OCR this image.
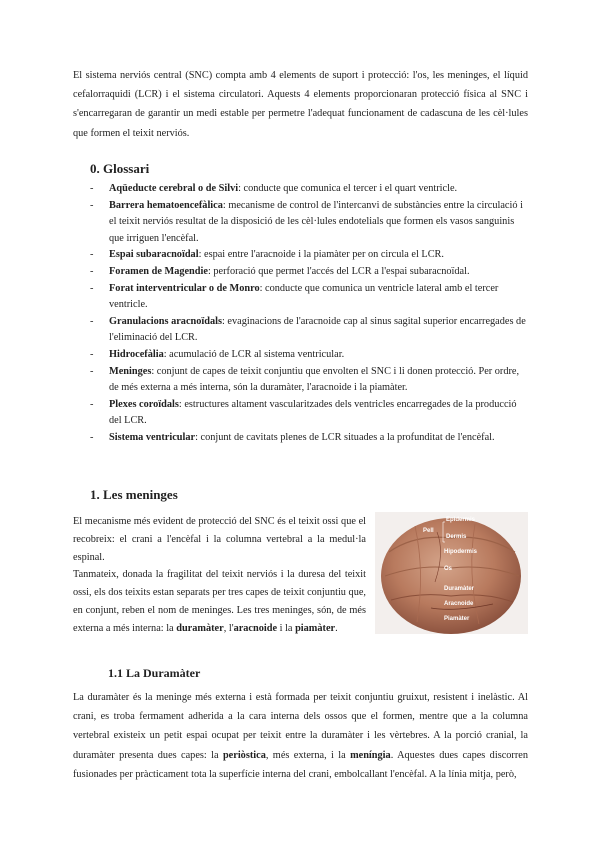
El sistema nerviós central (SNC) compta amb 4 elements de suport i protecció: l'os, les meninges, el líquid cefalorraquidi (LCR) i el sistema circulatori. Aquests 4 elements proporcionaran protecció física al SNC i s'encarregaran de garantir un medi estable per permetre l'adequat funcionament de cadascuna de les cèl·lules que formen el teixit nerviós.

0. Glossari
- Aqüeducte cerebral o de Silvi: conducte que comunica el tercer i el quart ventricle.
- Barrera hematoencefàlica: mecanisme de control de l'intercanvi de substàncies entre la circulació i el teixit nerviós resultat de la disposició de les cèl·lules endotelials que formen els vasos sanguinis que irriguen l'encèfal.
- Espai subaracnoïdal: espai entre l'aracnoide i la piamàter per on circula el LCR.
- Foramen de Magendie: perforació que permet l'accés del LCR a l'espai subaracnoïdal.
- Forat interventricular o de Monro: conducte que comunica un ventricle lateral amb el tercer ventricle.
- Granulacions aracnoïdals: evaginacions de l'aracnoide cap al sinus sagital superior encarregades de l'eliminació del LCR.
- Hidrocefàlia: acumulació de LCR al sistema ventricular.
- Meninges: conjunt de capes de teixit conjuntiu que envolten el SNC i li donen protecció. Per ordre, de més externa a més interna, són la duramàter, l'aracnoide i la piamàter.
- Plexes coroïdals: estructures altament vascularitzades dels ventricles encarregades de la producció del LCR.
- Sistema ventricular: conjunt de cavitats plenes de LCR situades a la profunditat de l'encèfal.
1. Les meninges
El mecanisme més evident de protecció del SNC és el teixit ossi que el recobreix: el crani a l'encèfal i la columna vertebral a la medul·la espinal.
Tanmateix, donada la fragilitat del teixit nerviós i la duresa del teixit ossi, els dos teixits estan separats per tres capes de teixit conjuntiu que, en conjunt, reben el nom de meninges. Les tres meninges, són, de més externa a més interna: la duramàter, l'aracnoide i la piamàter.
Pell
Epidermis
Dermis
Hipodermis
Os
Duramàter
Aracnoide
Piamàter
1.1 La Duramàter

La duramàter és la meninge més externa i està formada per teixit conjuntiu gruixut, resistent i inelàstic. Al crani, es troba fermament adherida a la cara interna dels ossos que el formen, mentre que a la columna vertebral existeix un petit espai ocupat per teixit entre la duramàter i les vèrtebres. A la porció cranial, la duramàter presenta dues capes: la periòstica, més externa, i la meníngia. Aquestes dues capes discorren fusionades per pràcticament tota la superfície interna del crani, embolcallant l'encèfal. A la línia mitja, però,
